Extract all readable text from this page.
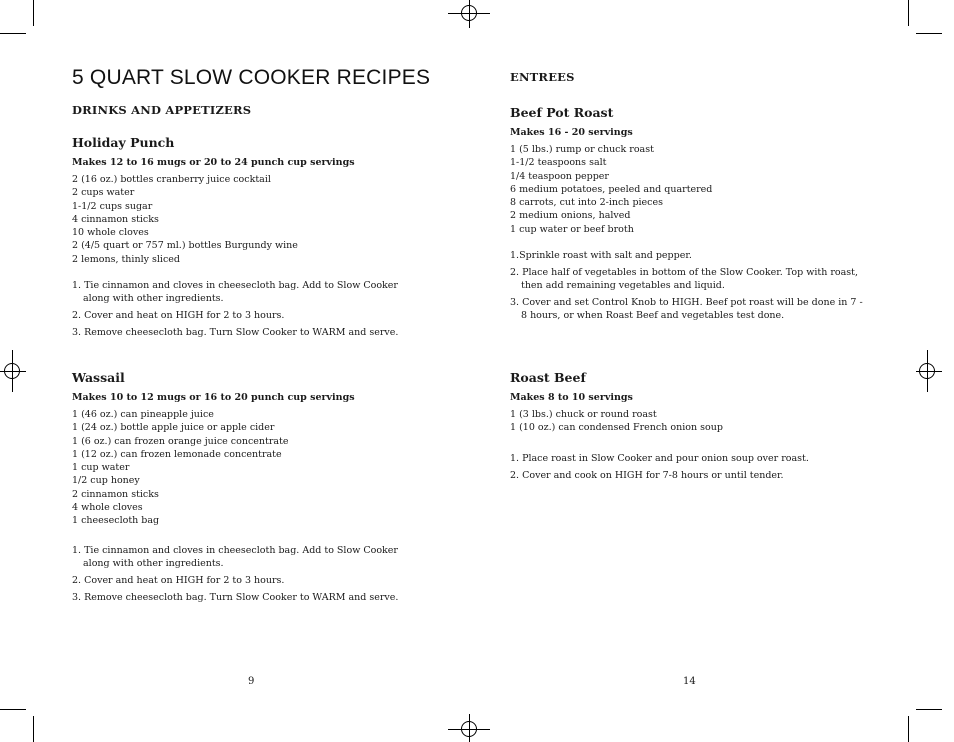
5 QUART SLOW COOKER RECIPES
DRINKS AND APPETIZERS
Holiday Punch

Makes 12 to 16 mugs or 20 to 24 punch cup servings

2 (16 oz.) bottles cranberry juice cocktail
2 cups water
1-1/2 cups sugar
4 cinnamon sticks
10 whole cloves
2 (4/5 quart or 757 ml.) bottles Burgundy wine
2 lemons, thinly sliced
1. Tie cinnamon and cloves in cheesecloth bag. Add to Slow Cooker along with other ingredients.
2. Cover and heat on HIGH for 2 to 3 hours.
3. Remove cheesecloth bag. Turn Slow Cooker to WARM and serve.
Wassail

Makes 10 to 12 mugs or 16 to 20 punch cup servings

1 (46 oz.) can pineapple juice
1 (24 oz.) bottle apple juice or apple cider
1 (6 oz.) can frozen orange juice concentrate
1 (12 oz.) can frozen lemonade concentrate
1 cup water
1/2 cup honey
2 cinnamon sticks
4 whole cloves
1 cheesecloth bag
1. Tie cinnamon and cloves in cheesecloth bag. Add to Slow Cooker along with other ingredients.
2. Cover and heat on HIGH for 2 to 3 hours.
3. Remove cheesecloth bag. Turn Slow Cooker to WARM and serve.
9
ENTREES
Beef Pot Roast

Makes 16 - 20 servings

1 (5 lbs.) rump or chuck roast
1-1/2 teaspoons salt
1/4 teaspoon pepper
6 medium potatoes, peeled and quartered
8 carrots, cut into 2-inch pieces
2 medium onions, halved
1 cup water or beef broth
1.Sprinkle roast with salt and pepper.
2. Place half of vegetables in bottom of the Slow Cooker. Top with roast, then add remaining vegetables and liquid.
3. Cover and set Control Knob to HIGH. Beef pot roast will be done in 7 - 8 hours, or when Roast Beef and vegetables test done.
Roast Beef

Makes 8 to 10 servings

1 (3 lbs.) chuck or round roast
1 (10 oz.) can condensed French onion soup
1. Place roast in Slow Cooker and pour onion soup over roast.
2. Cover and cook on HIGH for 7-8 hours or until tender.
14
